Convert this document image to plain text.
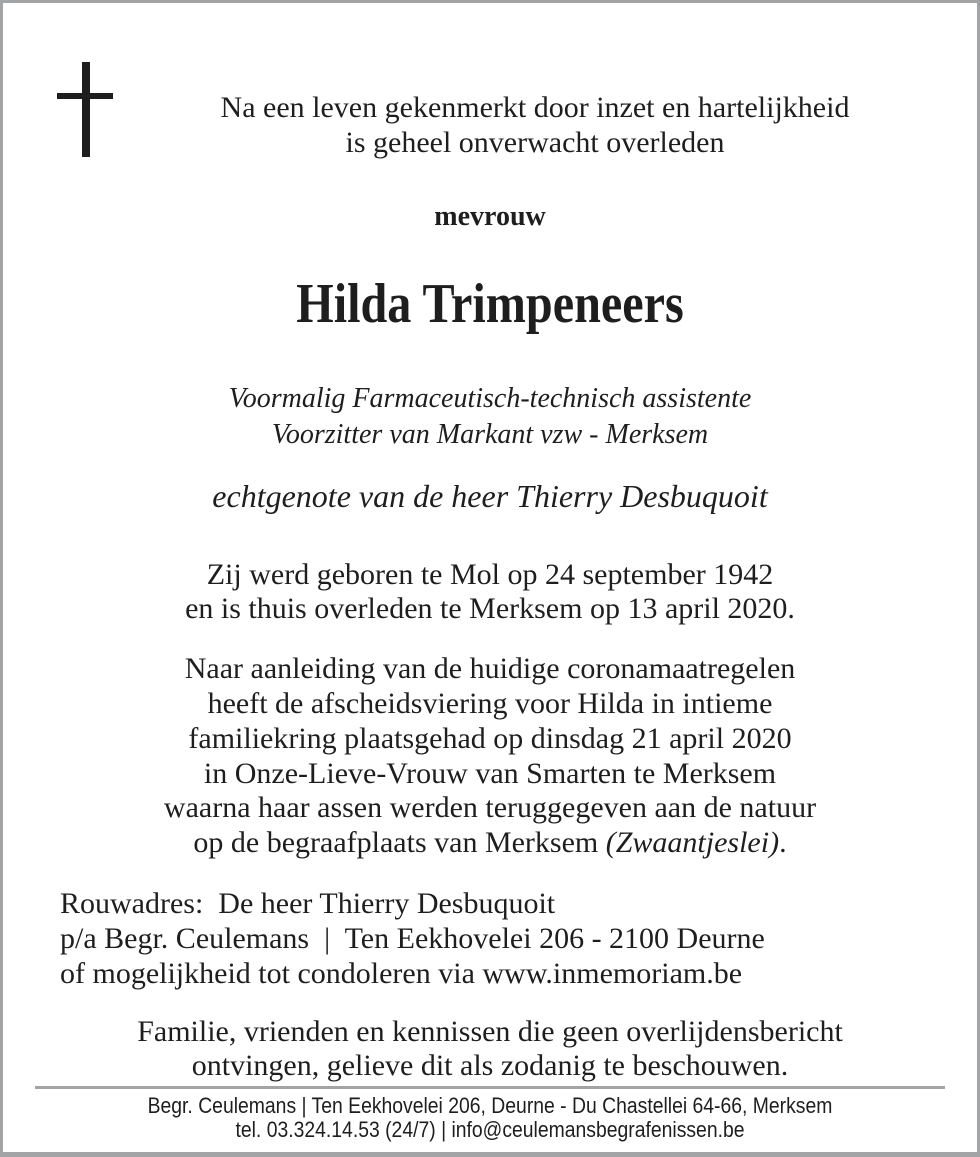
Na een leven gekenmerkt door inzet en hartelijkheid
is geheel onverwacht overleden
mevrouw
Hilda Trimpeneers
Voormalig Farmaceutisch-technisch assistente
Voorzitter van Markant vzw - Merksem
echtgenote van de heer Thierry Desbuquoit
Zij werd geboren te Mol op 24 september 1942
en is thuis overleden te Merksem op 13 april 2020.
Naar aanleiding van de huidige coronamaatregelen
heeft de afscheidsviering voor Hilda in intieme
familiekring plaatsgehad op dinsdag 21 april 2020
in Onze-Lieve-Vrouw van Smarten te Merksem
waarna haar assen werden teruggegeven aan de natuur
op de begraafplaats van Merksem (Zwaantjeslei).
Rouwadres:  De heer Thierry Desbuquoit
p/a Begr. Ceulemans  |  Ten Eekhovelei 206 - 2100 Deurne
of mogelijkheid tot condoleren via www.inmemoriam.be
Familie, vrienden en kennissen die geen overlijdensbericht
ontvingen, gelieve dit als zodanig te beschouwen.
Begr. Ceulemans | Ten Eekhovelei 206, Deurne - Du Chastellei 64-66, Merksem
tel. 03.324.14.53 (24/7) | info@ceulemansbegrafenissen.be
